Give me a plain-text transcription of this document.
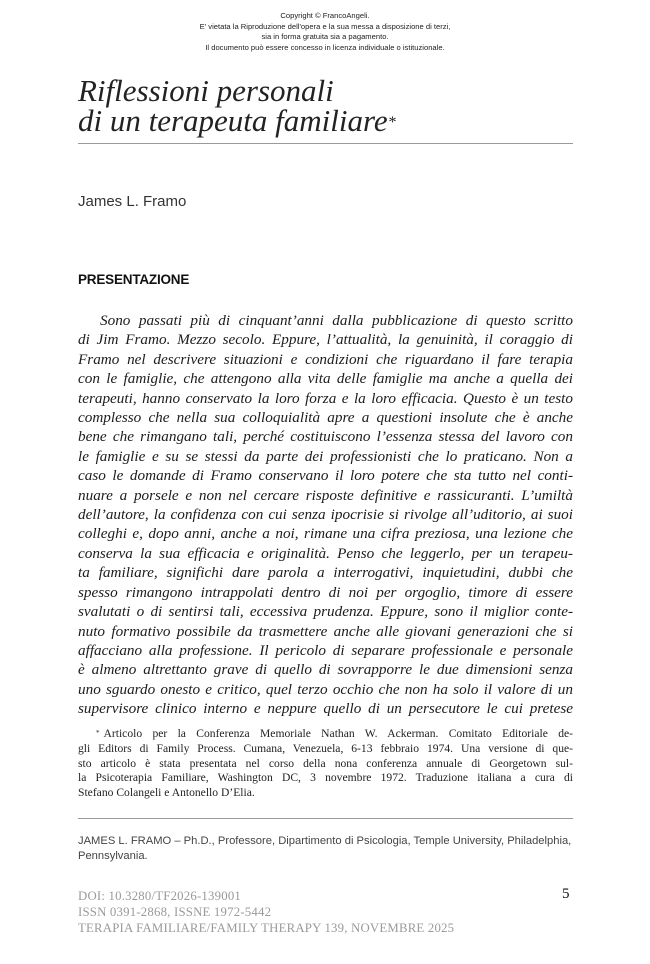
Copyright © FrancoAngeli.
E' vietata la Riproduzione dell'opera e la sua messa a disposizione di terzi,
sia in forma gratuita sia a pagamento.
Il documento può essere concesso in licenza individuale o istituzionale.
Riflessioni personali
di un terapeuta familiare*
James L. Framo
PRESENTAZIONE
Sono passati più di cinquant’anni dalla pubblicazione di questo scritto
di Jim Framo. Mezzo secolo. Eppure, l’attualità, la genuinità, il coraggio di
Framo nel descrivere situazioni e condizioni che riguardano il fare terapia
con le famiglie, che attengono alla vita delle famiglie ma anche a quella dei
terapeuti, hanno conservato la loro forza e la loro efficacia. Questo è un testo
complesso che nella sua colloquialità apre a questioni insolute che è anche
bene che rimangano tali, perché costituiscono l’essenza stessa del lavoro con
le famiglie e su se stessi da parte dei professionisti che lo praticano. Non a
caso le domande di Framo conservano il loro potere che sta tutto nel conti-
nuare a porsele e non nel cercare risposte definitive e rassicuranti. L’umiltà
dell’autore, la confidenza con cui senza ipocrisie si rivolge all’uditorio, ai suoi
colleghi e, dopo anni, anche a noi, rimane una cifra preziosa, una lezione che
conserva la sua efficacia e originalità. Penso che leggerlo, per un terapeu-
ta familiare, significhi dare parola a interrogativi, inquietudini, dubbi che
spesso rimangono intrappolati dentro di noi per orgoglio, timore di essere
svalutati o di sentirsi tali, eccessiva prudenza. Eppure, sono il miglior conte-
nuto formativo possibile da trasmettere anche alle giovani generazioni che si
affacciano alla professione. Il pericolo di separare professionale e personale
è almeno altrettanto grave di quello di sovrapporre le due dimensioni senza
uno sguardo onesto e critico, quel terzo occhio che non ha solo il valore di un
supervisore clinico interno e neppure quello di un persecutore le cui pretese
* Articolo per la Conferenza Memoriale Nathan W. Ackerman. Comitato Editoriale de-
gli Editors di Family Process. Cumana, Venezuela, 6-13 febbraio 1974. Una versione di que-
sto articolo è stata presentata nel corso della nona conferenza annuale di Georgetown sul-
la Psicoterapia Familiare, Washington DC, 3 novembre 1972. Traduzione italiana a cura di
Stefano Colangeli e Antonello D’Elia.
JAMES L. FRAMO – Ph.D., Professore, Dipartimento di Psicologia, Temple University, Philadelphia,
Pennsylvania.
DOI: 10.3280/TF2026-139001
ISSN 0391-2868, ISSNE 1972-5442
TERAPIA FAMILIARE/FAMILY THERAPY 139, NOVEMBRE 2025
5
